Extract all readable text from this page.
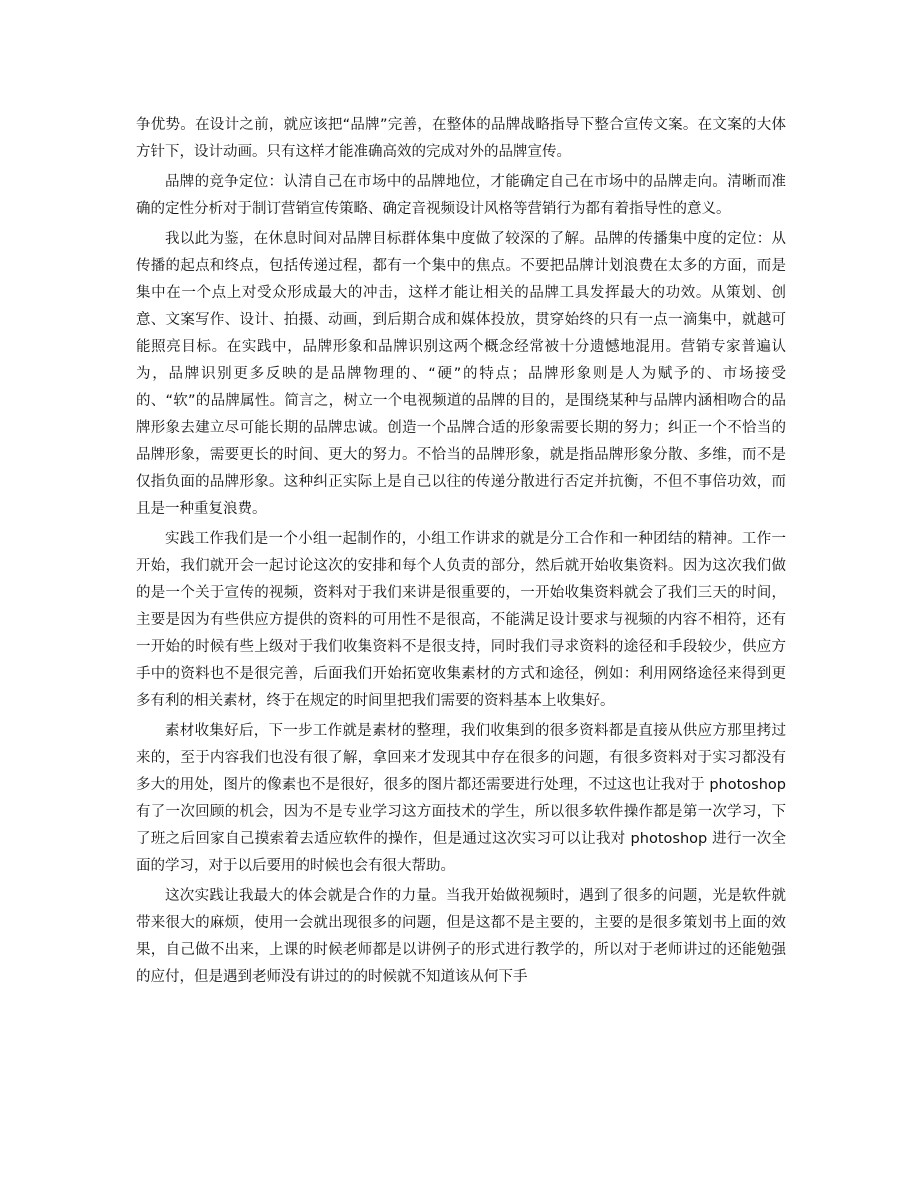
争优势。在设计之前，就应该把“品牌”完善，在整体的品牌战略指导下整合宣传文案。在文案的大体方针下，设计动画。只有这样才能准确高效的完成对外的品牌宣传。

品牌的竞争定位：认清自己在市场中的品牌地位，才能确定自己在市场中的品牌走向。清晰而准确的定性分析对于制订营销宣传策略、确定音视频设计风格等营销行为都有着指导性的意义。

我以此为鉴，在休息时间对品牌目标群体集中度做了较深的了解。品牌的传播集中度的定位：从传播的起点和终点，包括传递过程，都有一个集中的焦点。不要把品牌计划浪费在太多的方面，而是集中在一个点上对受众形成最大的冲击，这样才能让相关的品牌工具发挥最大的功效。从策划、创意、文案写作、设计、拍摄、动画，到后期合成和媒体投放，贯穿始终的只有一点一滴集中，就越可能照亮目标。在实践中，品牌形象和品牌识别这两个概念经常被十分遗憾地混用。营销专家普遍认为，品牌识别更多反映的是品牌物理的、“硬”的特点；品牌形象则是人为赋予的、市场接受的、“软”的品牌属性。简言之，树立一个电视频道的品牌的目的，是围绕某种与品牌内涵相吻合的品牌形象去建立尽可能长期的品牌忠诚。创造一个品牌合适的形象需要长期的努力；纠正一个不恰当的品牌形象，需要更长的时间、更大的努力。不恰当的品牌形象，就是指品牌形象分散、多维，而不是仅指负面的品牌形象。这种纠正实际上是自己以往的传递分散进行否定并抗衡，不但不事倍功效，而且是一种重复浪费。

实践工作我们是一个小组一起制作的，小组工作讲求的就是分工合作和一种团结的精神。工作一开始，我们就开会一起讨论这次的安排和每个人负责的部分，然后就开始收集资料。因为这次我们做的是一个关于宣传的视频，资料对于我们来讲是很重要的，一开始收集资料就会了我们三天的时间，主要是因为有些供应方提供的资料的可用性不是很高，不能满足设计要求与视频的内容不相符，还有一开始的时候有些上级对于我们收集资料不是很支持，同时我们寻求资料的途径和手段较少，供应方手中的资料也不是很完善，后面我们开始拓宽收集素材的方式和途径，例如：利用网络途径来得到更多有利的相关素材，终于在规定的时间里把我们需要的资料基本上收集好。

素材收集好后，下一步工作就是素材的整理，我们收集到的很多资料都是直接从供应方那里拷过来的，至于内容我们也没有很了解，拿回来才发现其中存在很多的问题，有很多资料对于实习都没有多大的用处，图片的像素也不是很好，很多的图片都还需要进行处理，不过这也让我对于 photoshop 有了一次回顾的机会，因为不是专业学习这方面技术的学生，所以很多软件操作都是第一次学习，下了班之后回家自己摸索着去适应软件的操作，但是通过这次实习可以让我对 photoshop 进行一次全面的学习，对于以后要用的时候也会有很大帮助。

这次实践让我最大的体会就是合作的力量。当我开始做视频时，遇到了很多的问题，光是软件就带来很大的麻烦，使用一会就出现很多的问题，但是这都不是主要的，主要的是很多策划书上面的效果，自己做不出来，上课的时候老师都是以讲例子的形式进行教学的，所以对于老师讲过的还能勉强的应付，但是遇到老师没有讲过的的时候就不知道该从何下手
